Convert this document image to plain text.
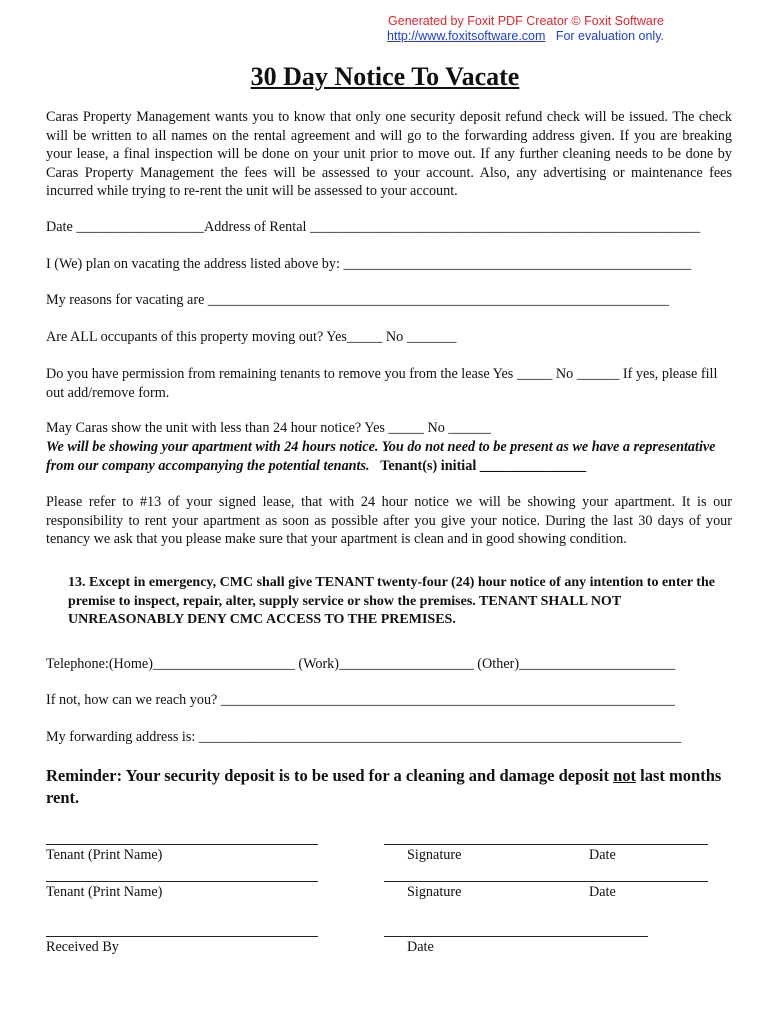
Generated by Foxit PDF Creator © Foxit Software
http://www.foxitsoftware.com For evaluation only.
30 Day Notice To Vacate

Caras Property Management wants you to know that only one security deposit refund check will be issued. The check will be written to all names on the rental agreement and will go to the forwarding address given. If you are breaking your lease, a final inspection will be done on your unit prior to move out. If any further cleaning needs to be done by Caras Property Management the fees will be assessed to your account. Also, any advertising or maintenance fees incurred while trying to re-rent the unit will be assessed to your account.

Date __________________Address of Rental _______________________________________________________

I (We) plan on vacating the address listed above by: _________________________________________________

My reasons for vacating are _________________________________________________________________

Are ALL occupants of this property moving out? Yes_____ No _______

Do you have permission from remaining tenants to remove you from the lease Yes _____ No ______ If yes, please fill out add/remove form.

May Caras show the unit with less than 24 hour notice? Yes _____ No ______

We will be showing your apartment with 24 hours notice. You do not need to be present as we have a representative from our company accompanying the potential tenants. Tenant(s) initial _______________

Please refer to #13 of your signed lease, that with 24 hour notice we will be showing your apartment. It is our responsibility to rent your apartment as soon as possible after you give your notice. During the last 30 days of your tenancy we ask that you please make sure that your apartment is clean and in good showing condition.

13. Except in emergency, CMC shall give TENANT twenty-four (24) hour notice of any intention to enter the premise to inspect, repair, alter, supply service or show the premises. TENANT SHALL NOT UNREASONABLY DENY CMC ACCESS TO THE PREMISES.

Telephone:(Home)____________________ (Work)___________________ (Other)______________________

If not, how can we reach you? ________________________________________________________________

My forwarding address is: ____________________________________________________________________

Reminder: Your security deposit is to be used for a cleaning and damage deposit not last months rent.

Tenant (Print Name)	Signature	Date
Tenant (Print Name)	Signature	Date
Received By	Date
